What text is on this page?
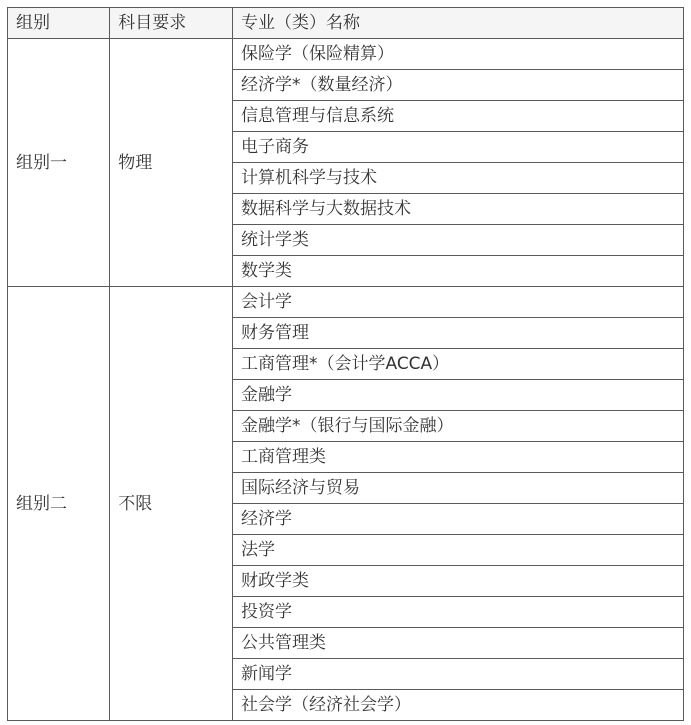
组别	科目要求	专业（类）名称
组别一	物理	保险学（保险精算）
		经济学*（数量经济）
		信息管理与信息系统
		电子商务
		计算机科学与技术
		数据科学与大数据技术
		统计学类
		数学类
组别二	不限	会计学
		财务管理
		工商管理*（会计学ACCA）
		金融学
		金融学*（银行与国际金融）
		工商管理类
		国际经济与贸易
		经济学
		法学
		财政学类
		投资学
		公共管理类
		新闻学
		社会学（经济社会学）
